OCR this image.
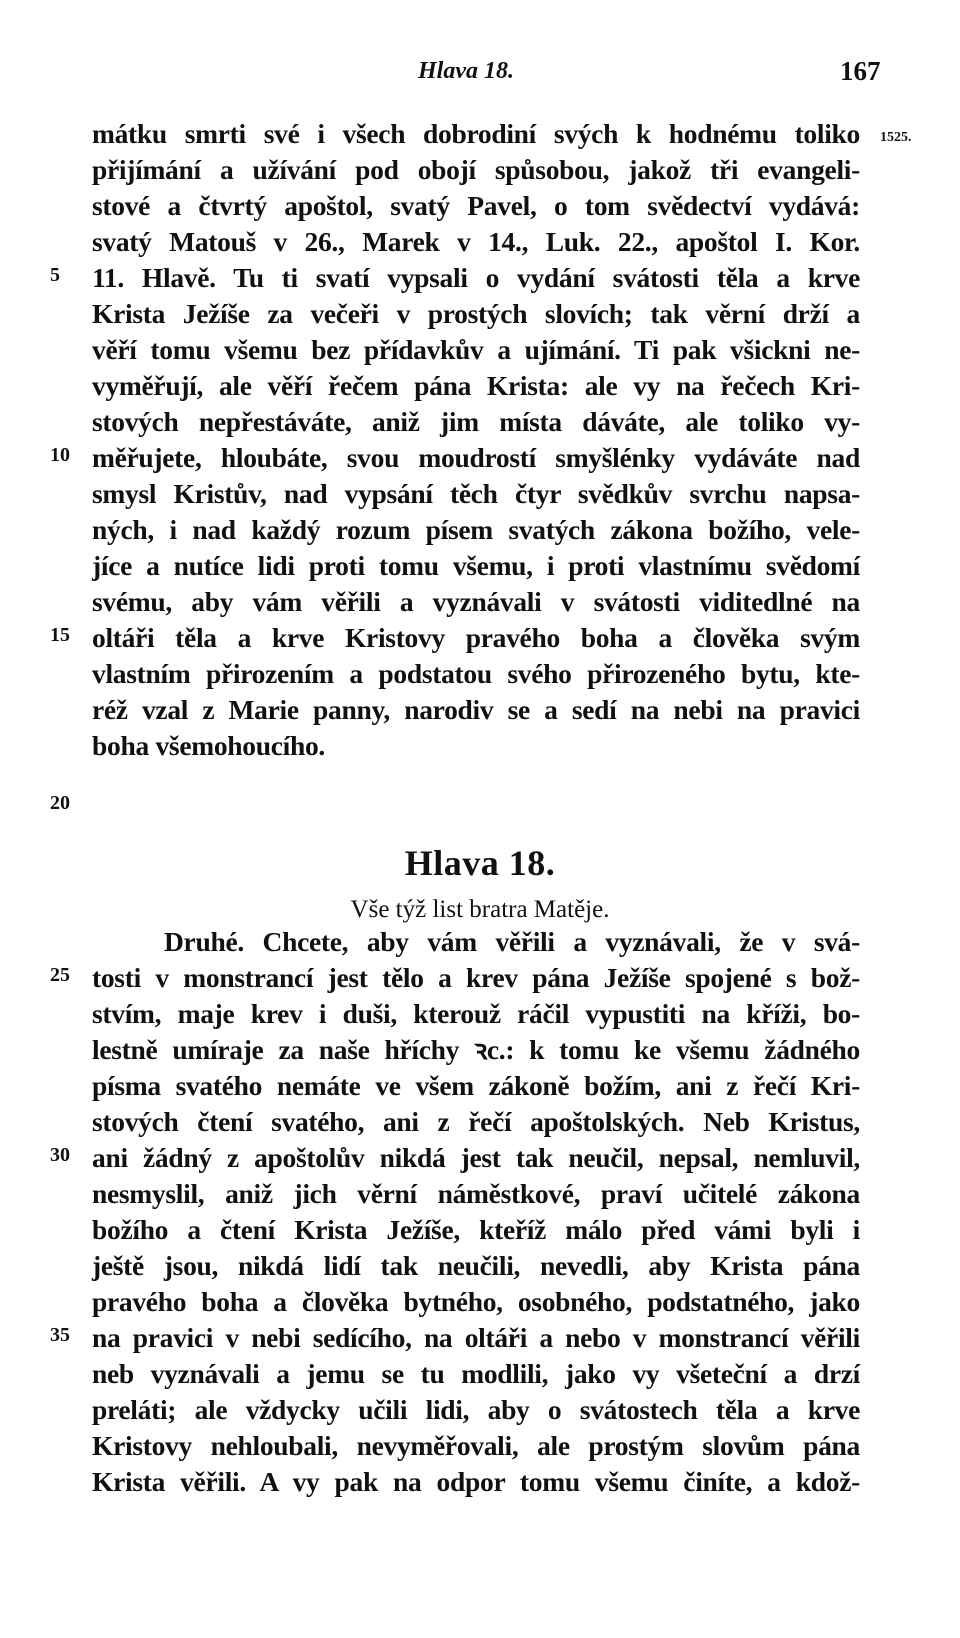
Hlava 18.	167
1525.
mátku smrti své i všech dobrodiní svých k hodnému toliko
přijímání a užívání pod obojí spůsobou, jakož tři evangeli-
stové a čtvrtý apoštol, svatý Pavel, o tom svědectví vydává:
svatý Matouš v 26., Marek v 14., Luk. 22., apoštol I. Kor.
11. Hlavě. Tu ti svatí vypsali o vydání svátosti těla a krve
Krista Ježíše za večeři v prostých slovích; tak věrní drží a
věří tomu všemu bez přídavkův a ujímání. Ti pak všickni ne-
vyměřují, ale věří řečem pána Krista: ale vy na řečech Kri-
stových nepřestáváte, aniž jim místa dáváte, ale toliko vy-
měřujete, hloubáte, svou moudrostí smyšlénky vydáváte nad
smysl Kristův, nad vypsání těch čtyr svědkův svrchu napsa-
ných, i nad každý rozum písem svatých zákona božího, vele-
jíce a nutíce lidi proti tomu všemu, i proti vlastnímu svědomí
svému, aby vám věřili a vyznávali v svátosti viditedlné na
oltáři těla a krve Kristovy pravého boha a člověka svým
vlastním přirozením a podstatou svého přirozeného bytu, kte-
réž vzal z Marie panny, narodiv se a sedí na nebi na pravici
boha všemohoucího.
5
10
15
20
25
30
35
Hlava 18.
Vše týž list bratra Matěje.
Druhé. Chcete, aby vám věřili a vyznávali, že v svá-
tosti v monstrancí jest tělo a krev pána Ježíše spojené s bož-
stvím, maje krev i duši, kterouž ráčil vypustiti na kříži, bo-
lestně umíraje za naše hříchy ꝛc.: k tomu ke všemu žádného
písma svatého nemáte ve všem zákoně božím, ani z řečí Kri-
stových čtení svatého, ani z řečí apoštolských. Neb Kristus,
ani žádný z apoštolův nikdá jest tak neučil, nepsal, nemluvil,
nesmyslil, aniž jich věrní náměstkové, praví učitelé zákona
božího a čtení Krista Ježíše, kteříž málo před vámi byli i
ještě jsou, nikdá lidí tak neučili, nevedli, aby Krista pána
pravého boha a člověka bytného, osobného, podstatného, jako
na pravici v nebi sedícího, na oltáři a nebo v monstrancí věřili
neb vyznávali a jemu se tu modlili, jako vy všeteční a drzí
preláti; ale vždycky učili lidi, aby o svátostech těla a krve
Kristovy nehloubali, nevyměřovali, ale prostým slovům pána
Krista věřili. A vy pak na odpor tomu všemu činíte, a kdož-
